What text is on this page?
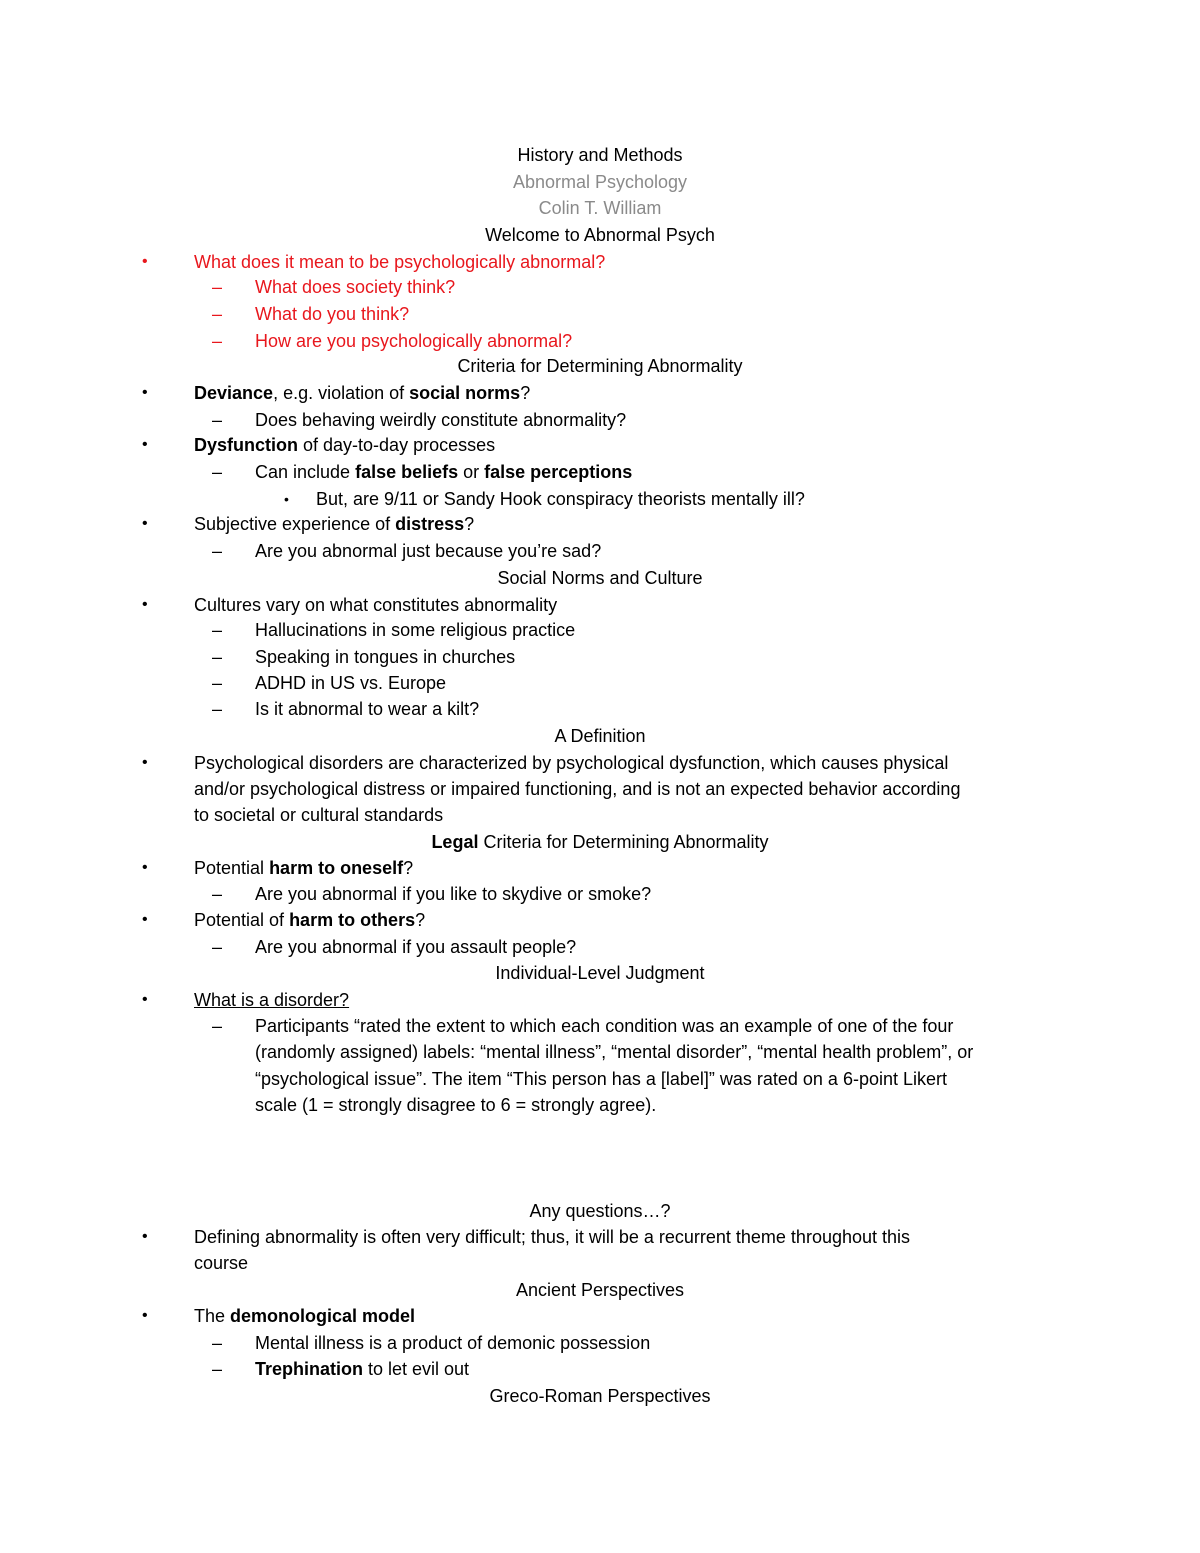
History and Methods
Abnormal Psychology
Colin T. William
Welcome to Abnormal Psych
•	What does it mean to be psychologically abnormal?
– What does society think?
– What do you think?
– How are you psychologically abnormal?
Criteria for Determining Abnormality
•	Deviance, e.g. violation of social norms?
– Does behaving weirdly constitute abnormality?
•	Dysfunction of day-to-day processes
– Can include false beliefs or false perceptions
• But, are 9/11 or Sandy Hook conspiracy theorists mentally ill?
•	Subjective experience of distress?
– Are you abnormal just because you’re sad?
Social Norms and Culture
•	Cultures vary on what constitutes abnormality
– Hallucinations in some religious practice
– Speaking in tongues in churches
– ADHD in US vs. Europe
– Is it abnormal to wear a kilt?
A Definition
•	Psychological disorders are characterized by psychological dysfunction, which causes physical
and/or psychological distress or impaired functioning, and is not an expected behavior according
to societal or cultural standards
Legal Criteria for Determining Abnormality
•	Potential harm to oneself?
– Are you abnormal if you like to skydive or smoke?
•	Potential of harm to others?
– Are you abnormal if you assault people?
Individual-Level Judgment
•	What is a disorder?
– Participants “rated the extent to which each condition was an example of one of the four
(randomly assigned) labels: “mental illness”, “mental disorder”, “mental health problem”, or
“psychological issue”. The item “This person has a [label]” was rated on a 6-point Likert
scale (1 = strongly disagree to 6 = strongly agree).
Any questions…?
•	Defining abnormality is often very difficult; thus, it will be a recurrent theme throughout this
course
Ancient Perspectives
•	The demonological model
– Mental illness is a product of demonic possession
– Trephination to let evil out
Greco-Roman Perspectives
